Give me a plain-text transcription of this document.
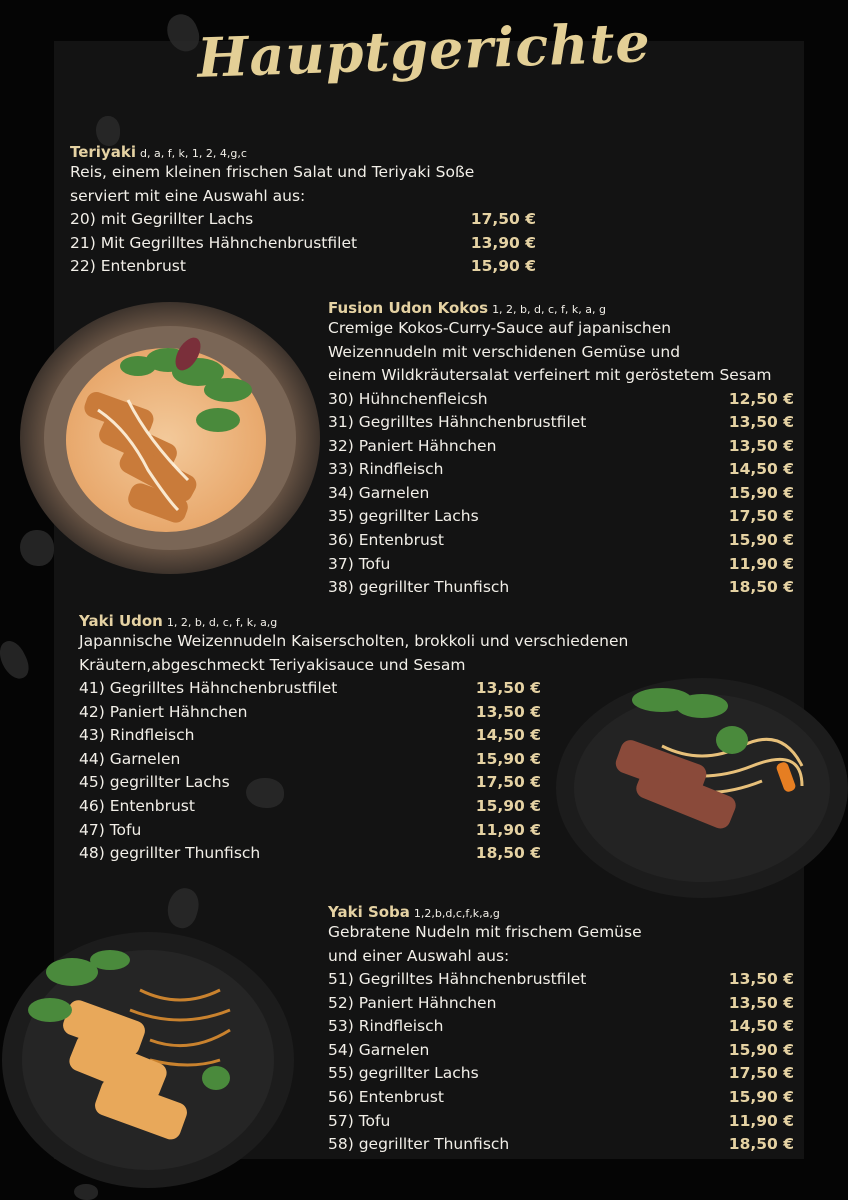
Hauptgerichte
Teriyaki d, a, f, k, 1, 2, 4,g,c
Reis, einem kleinen frischen Salat und Teriyaki Soße
serviert mit eine Auswahl aus:
20) mit Gegrillter Lachs	17,50 €
21) Mit Gegrilltes Hähnchenbrustfilet	13,90 €
22) Entenbrust	15,90 €
Fusion Udon Kokos 1, 2, b, d, c, f, k, a, g
Cremige Kokos-Curry-Sauce auf japanischen
Weizennudeln mit verschidenen Gemüse und
einem Wildkräutersalat verfeinert mit geröstetem Sesam
30) Hühnchenfleicsh	12,50 €
31) Gegrilltes Hähnchenbrustfilet	13,50 €
32) Paniert Hähnchen	13,50 €
33) Rindfleisch	14,50 €
34) Garnelen	15,90 €
35) gegrillter Lachs	17,50 €
36) Entenbrust	15,90 €
37) Tofu	11,90 €
38) gegrillter Thunfisch	18,50 €
Yaki Udon 1, 2, b, d, c, f, k, a,g
Japannische Weizennudeln Kaiserscholten, brokkoli und verschiedenen
Kräutern,abgeschmeckt Teriyakisauce und Sesam
41) Gegrilltes Hähnchenbrustfilet	13,50 €
42) Paniert Hähnchen	13,50 €
43) Rindfleisch	14,50 €
44) Garnelen	15,90 €
45) gegrillter Lachs	17,50 €
46) Entenbrust	15,90 €
47) Tofu	11,90 €
48) gegrillter Thunfisch	18,50 €
Yaki Soba 1,2,b,d,c,f,k,a,g
Gebratene Nudeln mit frischem Gemüse
und einer Auswahl aus:
51) Gegrilltes Hähnchenbrustfilet	13,50 €
52) Paniert Hähnchen	13,50 €
53) Rindfleisch	14,50 €
54) Garnelen	15,90 €
55) gegrillter Lachs	17,50 €
56) Entenbrust	15,90 €
57) Tofu	11,90 €
58) gegrillter Thunfisch	18,50 €
